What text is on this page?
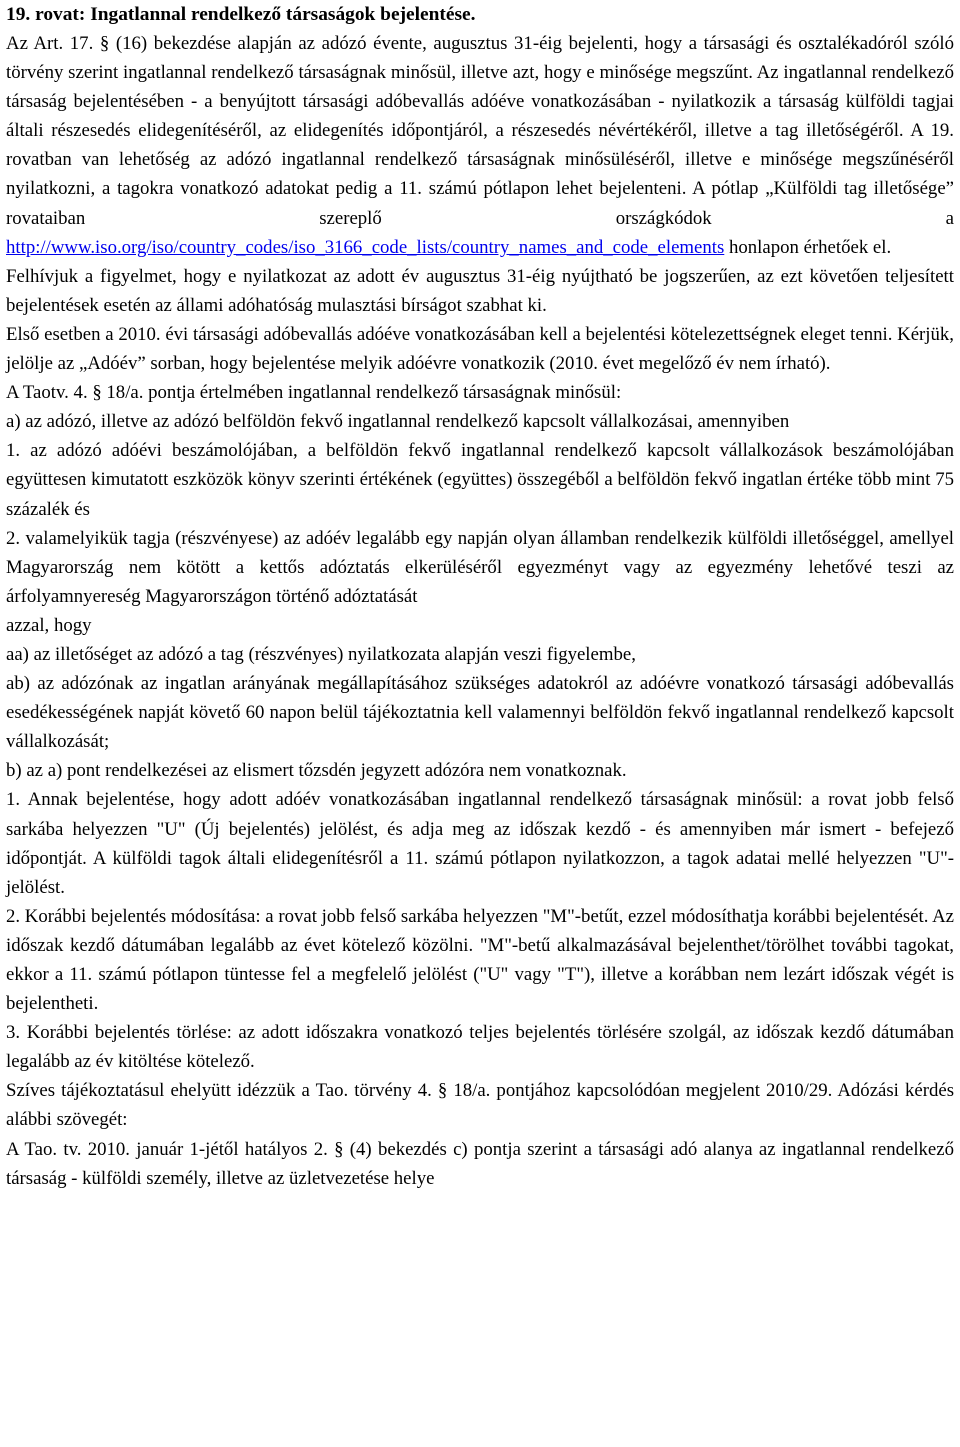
19. rovat: Ingatlannal rendelkező társaságok bejelentése.

Az Art. 17. § (16) bekezdése alapján az adózó évente, augusztus 31-éig bejelenti, hogy a társasági és osztalékadóról szóló törvény szerint ingatlannal rendelkező társaságnak minősül, illetve azt, hogy e minősége megszűnt. Az ingatlannal rendelkező társaság bejelentésében - a benyújtott társasági adóbevallás adóéve vonatkozásában - nyilatkozik a társaság külföldi tagjai általi részesedés elidegenítéséről, az elidegenítés időpontjáról, a részesedés névértékéről, illetve a tag illetőségéről. A 19. rovatban van lehetőség az adózó ingatlannal rendelkező társaságnak minősüléséről, illetve e minősége megszűnéséről nyilatkozni, a tagokra vonatkozó adatokat pedig a 11. számú pótlapon lehet bejelenteni. A pótlap „Külföldi tag illetősége” rovataiban szereplő országkódok a http://www.iso.org/iso/country_codes/iso_3166_code_lists/country_names_and_code_elements honlapon érhetőek el.

Felhívjuk a figyelmet, hogy e nyilatkozat az adott év augusztus 31-éig nyújtható be jogszerűen, az ezt követően teljesített bejelentések esetén az állami adóhatóság mulasztási bírságot szabhat ki.

Első esetben a 2010. évi társasági adóbevallás adóéve vonatkozásában kell a bejelentési kötelezettségnek eleget tenni. Kérjük, jelölje az „Adóév” sorban, hogy bejelentése melyik adóévre vonatkozik (2010. évet megelőző év nem írható).

A Taotv. 4. § 18/a. pontja értelmében ingatlannal rendelkező társaságnak minősül:

a) az adózó, illetve az adózó belföldön fekvő ingatlannal rendelkező kapcsolt vállalkozásai, amennyiben

1. az adózó adóévi beszámolójában, a belföldön fekvő ingatlannal rendelkező kapcsolt vállalkozások beszámolójában együttesen kimutatott eszközök könyv szerinti értékének (együttes) összegéből a belföldön fekvő ingatlan értéke több mint 75 százalék és

2. valamelyikük tagja (részvényese) az adóév legalább egy napján olyan államban rendelkezik külföldi illetőséggel, amellyel Magyarország nem kötött a kettős adóztatás elkerüléséről egyezményt vagy az egyezmény lehetővé teszi az árfolyamnyereség Magyarországon történő adóztatását

azzal, hogy

aa) az illetőséget az adózó a tag (részvényes) nyilatkozata alapján veszi figyelembe,

ab) az adózónak az ingatlan arányának megállapításához szükséges adatokról az adóévre vonatkozó társasági adóbevallás esedékességének napját követő 60 napon belül tájékoztatnia kell valamennyi belföldön fekvő ingatlannal rendelkező kapcsolt vállalkozását;

b) az a) pont rendelkezései az elismert tőzsdén jegyzett adózóra nem vonatkoznak.

1. Annak bejelentése, hogy adott adóév vonatkozásában ingatlannal rendelkező társaságnak minősül: a rovat jobb felső sarkába helyezzen "U" (Új bejelentés) jelölést, és adja meg az időszak kezdő - és amennyiben már ismert - befejező időpontját. A külföldi tagok általi elidegenítésről a 11. számú pótlapon nyilatkozzon, a tagok adatai mellé helyezzen "U"-jelölést.

2. Korábbi bejelentés módosítása: a rovat jobb felső sarkába helyezzen "M"-betűt, ezzel módosíthatja korábbi bejelentését. Az időszak kezdő dátumában legalább az évet kötelező közölni. "M"-betű alkalmazásával bejelenthet/törölhet további tagokat, ekkor a 11. számú pótlapon tüntesse fel a megfelelő jelölést ("U" vagy "T"), illetve a korábban nem lezárt időszak végét is bejelentheti.

3. Korábbi bejelentés törlése: az adott időszakra vonatkozó teljes bejelentés törlésére szolgál, az időszak kezdő dátumában legalább az év kitöltése kötelező.

Szíves tájékoztatásul ehelyütt idézzük a Tao. törvény 4. § 18/a. pontjához kapcsolódóan megjelent 2010/29. Adózási kérdés alábbi szövegét:

A Tao. tv. 2010. január 1-jétől hatályos 2. § (4) bekezdés c) pontja szerint a társasági adó alanya az ingatlannal rendelkező társaság - külföldi személy, illetve az üzletvezetése helye
